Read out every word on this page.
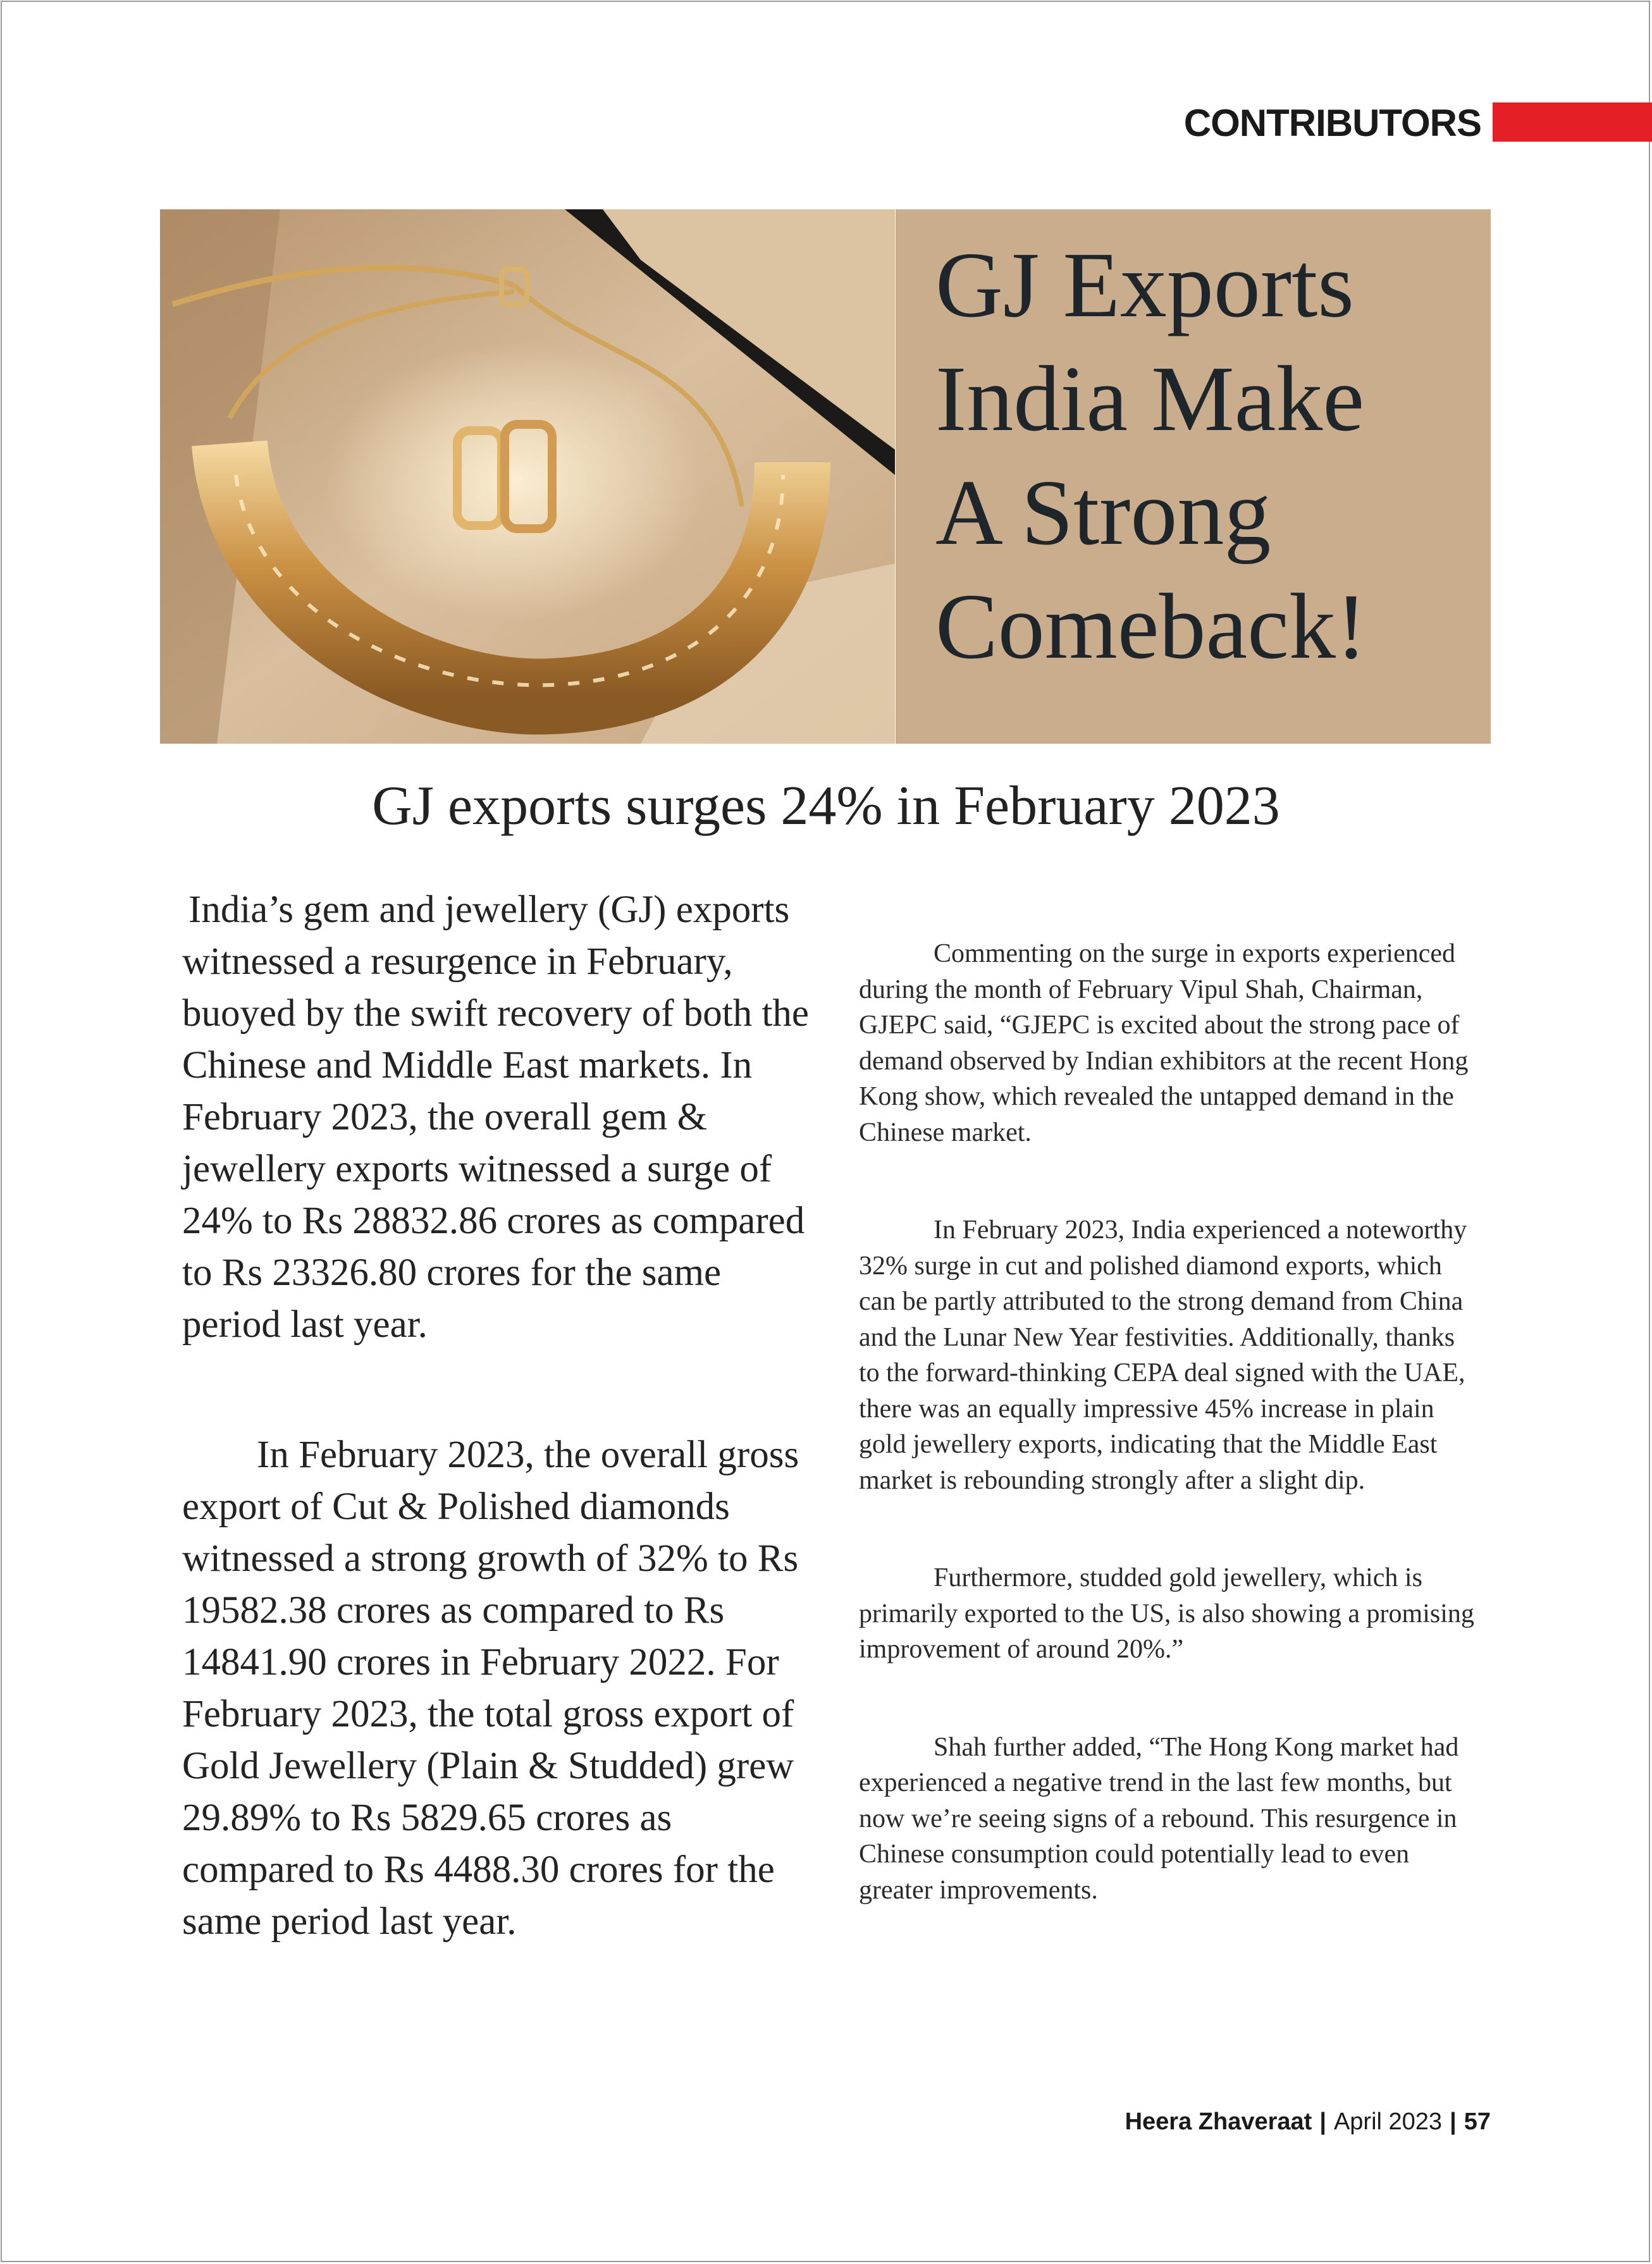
CONTRIBUTORS
GJ Exports
India Make
A Strong
Comeback!
GJ exports surges 24% in February 2023

India’s gem and jewellery (GJ) exports witnessed a resurgence in February, buoyed by the swift recovery of both the Chinese and Middle East markets. In February 2023, the overall gem & jewellery exports witnessed a surge of 24% to Rs 28832.86 crores as compared to Rs 23326.80 crores for the same period last year.

In February 2023, the overall gross export of Cut & Polished diamonds witnessed a strong growth of 32% to Rs 19582.38 crores as compared to Rs 14841.90 crores in February 2022. For February 2023, the total gross export of Gold Jewellery (Plain & Studded) grew 29.89% to Rs 5829.65 crores as compared to Rs 4488.30 crores for the same period last year.

Commenting on the surge in exports experienced during the month of February Vipul Shah, Chairman, GJEPC said, “GJEPC is excited about the strong pace of demand observed by Indian exhibitors at the recent Hong Kong show, which revealed the untapped demand in the Chinese market.

In February 2023, India experienced a noteworthy 32% surge in cut and polished diamond exports, which can be partly attributed to the strong demand from China and the Lunar New Year festivities. Additionally, thanks to the forward-thinking CEPA deal signed with the UAE, there was an equally impressive 45% increase in plain gold jewellery exports, indicating that the Middle East market is rebounding strongly after a slight dip.

Furthermore, studded gold jewellery, which is primarily exported to the US, is also showing a promising improvement of around 20%.”

Shah further added, “The Hong Kong market had experienced a negative trend in the last few months, but now we’re seeing signs of a rebound. This resurgence in Chinese consumption could potentially lead to even greater improvements.

Heera Zhaveraat | April 2023 | 57
